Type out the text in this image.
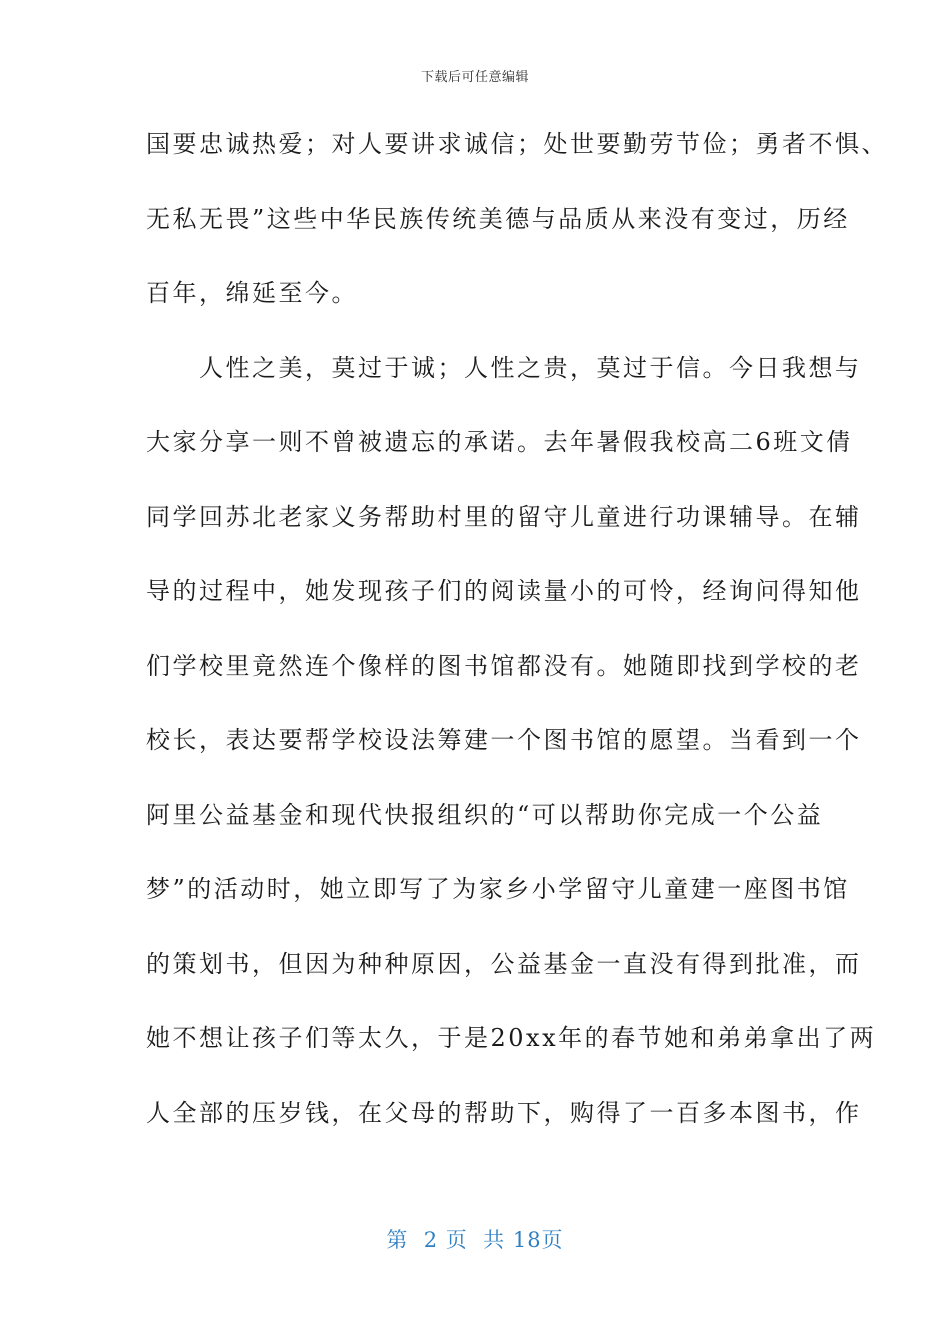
下载后可任意编辑
国要忠诚热爱；对人要讲求诚信；处世要勤劳节俭；勇者不惧、
无私无畏”这些中华民族传统美德与品质从来没有变过，历经
百年，绵延至今。
　　人性之美，莫过于诚；人性之贵，莫过于信。今日我想与
大家分享一则不曾被遗忘的承诺。去年暑假我校高二6班文倩
同学回苏北老家义务帮助村里的留守儿童进行功课辅导。在辅
导的过程中，她发现孩子们的阅读量小的可怜，经询问得知他
们学校里竟然连个像样的图书馆都没有。她随即找到学校的老
校长，表达要帮学校设法筹建一个图书馆的愿望。当看到一个
阿里公益基金和现代快报组织的“可以帮助你完成一个公益
梦”的活动时，她立即写了为家乡小学留守儿童建一座图书馆
的策划书，但因为种种原因，公益基金一直没有得到批准，而
她不想让孩子们等太久，于是20xx年的春节她和弟弟拿出了两
人全部的压岁钱，在父母的帮助下，购得了一百多本图书，作
第  2 页  共 18页
